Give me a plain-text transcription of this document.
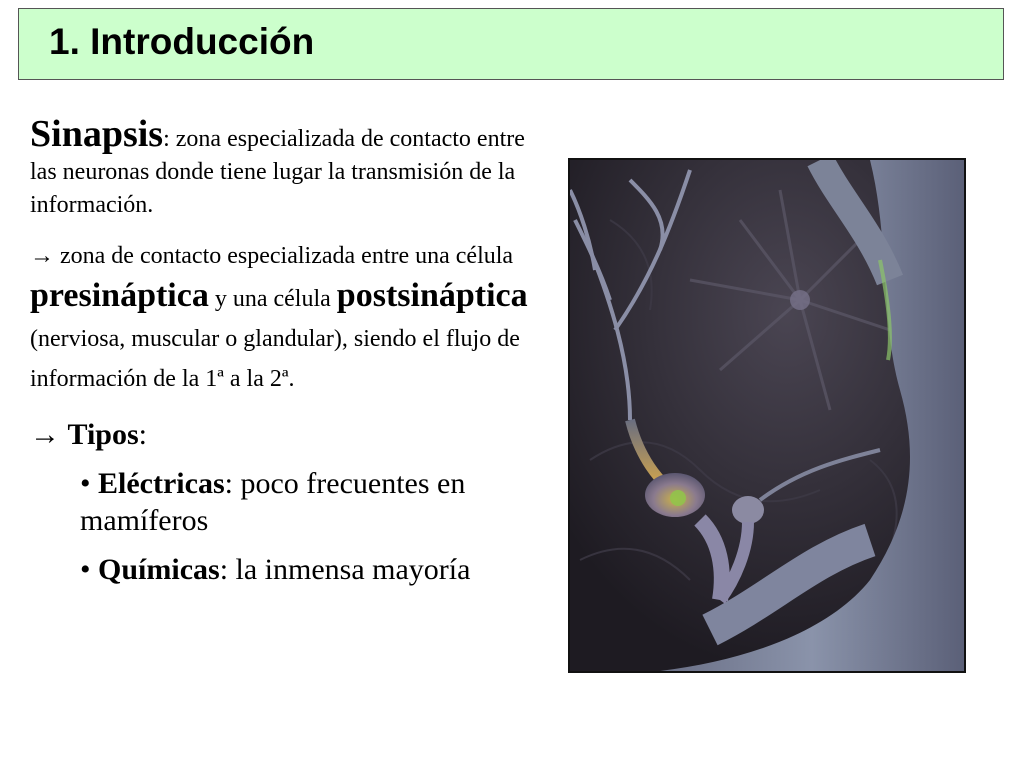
1. Introducción

Sinapsis: zona especializada de contacto entre las neuronas donde tiene lugar la transmisión de la información.

→ zona de contacto especializada entre una célula presináptica y una célula postsináptica (nerviosa, muscular o glandular), siendo el flujo de información de la 1ª a la 2ª.

→ Tipos:

• Eléctricas: poco frecuentes en mamíferos

• Químicas: la inmensa mayoría
